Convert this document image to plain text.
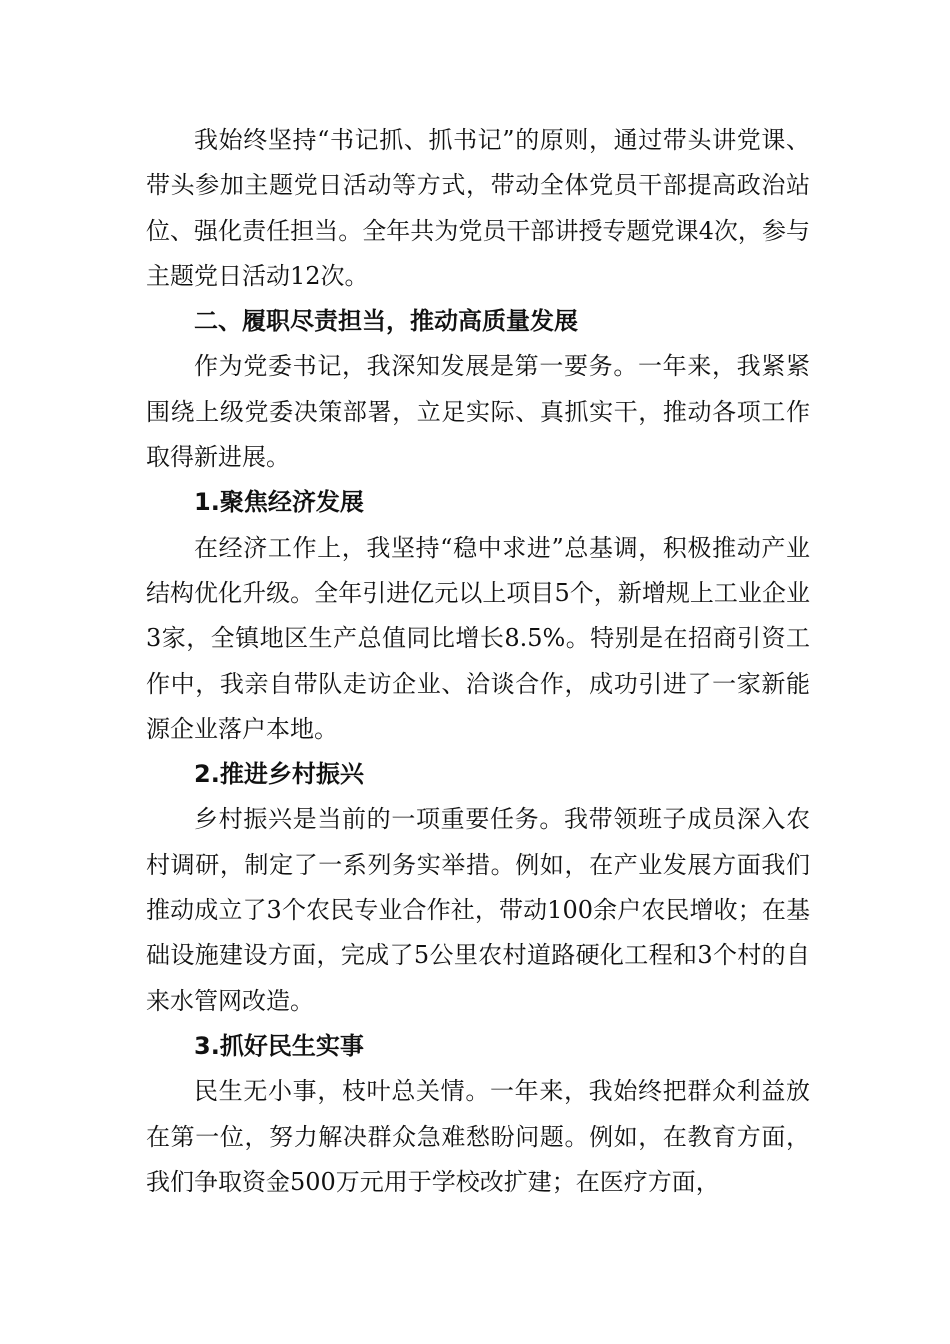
我始终坚持“书记抓、抓书记”的原则，通过带头讲党课、带头参加主题党日活动等方式，带动全体党员干部提高政治站位、强化责任担当。全年共为党员干部讲授专题党课4次，参与主题党日活动12次。

二、履职尽责担当，推动高质量发展

作为党委书记，我深知发展是第一要务。一年来，我紧紧围绕上级党委决策部署，立足实际、真抓实干，推动各项工作取得新进展。

1.聚焦经济发展

在经济工作上，我坚持“稳中求进”总基调，积极推动产业结构优化升级。全年引进亿元以上项目5个，新增规上工业企业3家，全镇地区生产总值同比增长8.5%。特别是在招商引资工作中，我亲自带队走访企业、洽谈合作，成功引进了一家新能源企业落户本地。

2.推进乡村振兴

乡村振兴是当前的一项重要任务。我带领班子成员深入农村调研，制定了一系列务实举措。例如，在产业发展方面我们推动成立了3个农民专业合作社，带动100余户农民增收；在基础设施建设方面，完成了5公里农村道路硬化工程和3个村的自来水管网改造。

3.抓好民生实事

民生无小事，枝叶总关情。一年来，我始终把群众利益放在第一位，努力解决群众急难愁盼问题。例如，在教育方面，我们争取资金500万元用于学校改扩建；在医疗方面，
